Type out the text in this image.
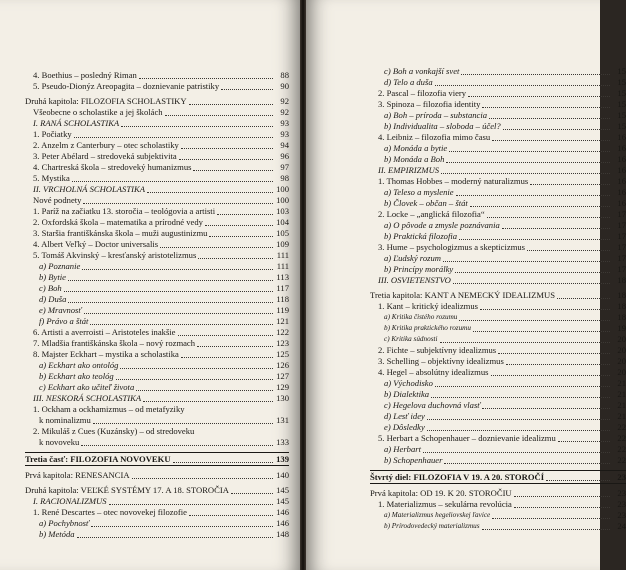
4. Boethius – posledný Riman	88
5. Pseudo-Dionýz Areopagita – doznievanie patristiky	90
Druhá kapitola: FILOZOFIA SCHOLASTIKY	92
Všeobecne o scholastike a jej školách	92
I. RANÁ SCHOLASTIKA	93
1. Počiatky	93
2. Anzelm z Canterbury – otec scholastiky	94
3. Peter Abélard – stredoveká subjektivita	96
4. Chartreská škola – stredoveký humanizmus	97
5. Mystika	98
II. VRCHOLNÁ SCHOLASTIKA	100
Nové podnety	100
1. Paríž na začiatku 13. storočia – teológovia a artisti	103
2. Oxfordská škola – matematika a prírodné vedy	104
3. Staršia františkánska škola – muži augustinizmu	105
4. Albert Veľký – Doctor universalis	109
5. Tomáš Akvinský – kresťanský aristotelizmus	111
a) Poznanie	111
b) Bytie	113
c) Boh	117
d) Duša	118
e) Mravnosť	119
f) Právo a štát	121
6. Artisti a averroisti – Aristoteles inakšie	122
7. Mladšia františkánska škola – nový rozmach	123
8. Majster Eckhart – mystika a scholastika	125
a) Eckhart ako ontológ	126
b) Eckhart ako teológ	127
c) Eckhart ako učiteľ života	129
III. NESKORÁ SCHOLASTIKA	130
1. Ockham a ockhamizmus – od metafyziky
k nominalizmu	131
2. Mikuláš z Cues (Kuzánsky) – od stredoveku
k novoveku	133
Tretia časť: FILOZOFIA NOVOVEKU	139
Prvá kapitola: RENESANCIA	140
Druhá kapitola: VEĽKÉ SYSTÉMY 17. A 18. STOROČIA	145
I. RACIONALIZMUS	145
1. René Descartes – otec novovekej filozofie	146
a) Pochybnosť	146
b) Metóda	148
c) Boh a vonkajší svet	15
d) Telo a duša	15
2. Pascal – filozofia viery	15
3. Spinoza – filozofia identity	15
a) Boh – príroda – substancia	15
b) Individualita – sloboda – účel?	15
4. Leibniz – filozofia mimo času	16
a) Monáda a bytie	16
b) Monáda a Boh	16
II. EMPIRIZMUS	16
1. Thomas Hobbes – moderný naturalizmus	16
a) Teleso a myslenie	16
b) Človek – občan – štát	16
2. Locke – „anglická filozofia“	17
a) O pôvode a zmysle poznávania	17
b) Praktická filozofia	17
3. Hume – psychologizmus a skepticizmus	17
a) Ľudský rozum	17
b) Princípy morálky	17
III. OSVIETENSTVO	18
Tretia kapitola: KANT A NEMECKÝ IDEALIZMUS	18
1. Kant – kritický idealizmus	18
a) Kritika čistého rozumu	18
b) Kritika praktického rozumu	19
c) Kritika súdnosti	20
2. Fichte – subjektívny idealizmus	20
3. Schelling – objektívny idealizmus	20
4. Hegel – absolútny idealizmus	20
a) Východisko	21
b) Dialektika	21
c) Hegelova duchovná vlasť	21
d) Lesť idey	21
e) Dôsledky	22
5. Herbart a Schopenhauer – doznievanie idealizmu	22
a) Herbart	22
b) Schopenhauer	22
Štvrtý diel: FILOZOFIA V 19. A 20. STOROČÍ	23
Prvá kapitola: OD 19. K 20. STOROČIU	23
1. Materializmus – sekulárna revolúcia	23
a) Materializmus hegeliovskej ľavice	23
b) Prírodovedecký materializmus	24
